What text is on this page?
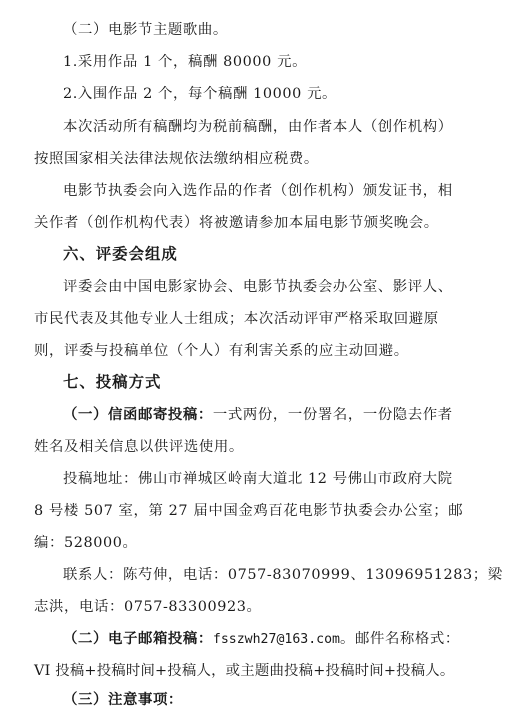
（二）电影节主题歌曲。
1.采用作品 1 个，稿酬 80000 元。
2.入围作品 2 个，每个稿酬 10000 元。
本次活动所有稿酬均为税前稿酬，由作者本人（创作机构）
按照国家相关法律法规依法缴纳相应税费。
电影节执委会向入选作品的作者（创作机构）颁发证书，相
关作者（创作机构代表）将被邀请参加本届电影节颁奖晚会。
六、评委会组成
评委会由中国电影家协会、电影节执委会办公室、影评人、
市民代表及其他专业人士组成；本次活动评审严格采取回避原
则，评委与投稿单位（个人）有利害关系的应主动回避。
七、投稿方式
（一）信函邮寄投稿：一式两份，一份署名，一份隐去作者
姓名及相关信息以供评选使用。
投稿地址：佛山市禅城区岭南大道北 12 号佛山市政府大院
8 号楼 507 室，第 27 届中国金鸡百花电影节执委会办公室；邮
编：528000。
联系人：陈芍伸，电话：0757-83070999、13096951283；梁
志洪，电话：0757-83300923。
（二）电子邮箱投稿：fsszwh27@163.com。邮件名称格式：
VI 投稿+投稿时间+投稿人，或主题曲投稿+投稿时间+投稿人。
（三）注意事项：
